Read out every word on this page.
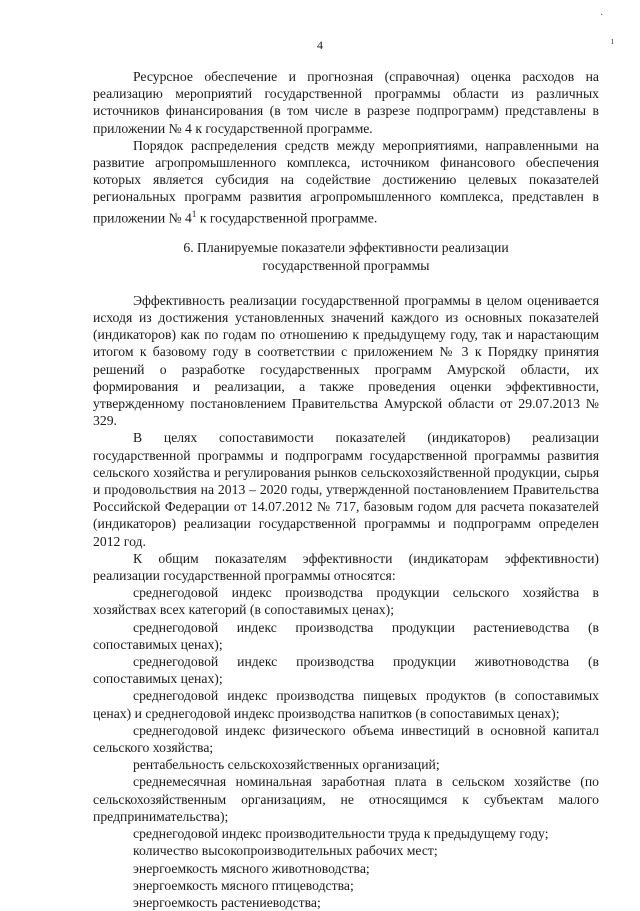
4
·
ı

Ресурсное обеспечение и прогнозная (справочная) оценка расходов на реализацию мероприятий государственной программы области из различных источников финансирования (в том числе в разрезе подпрограмм) представлены в приложении № 4 к государственной программе.

Порядок распределения средств между мероприятиями, направленными на развитие агропромышленного комплекса, источником финансового обеспечения которых является субсидия на содействие достижению целевых показателей региональных программ развития агропромышленного комплекса, представлен в приложении № $4^1$ к государственной программе.

6. Планируемые показатели эффективности реализации
государственной программы

Эффективность реализации государственной программы в целом оценивается исходя из достижения установленных значений каждого из основных показателей (индикаторов) как по годам по отношению к предыдущему году, так и нарастающим итогом к базовому году в соответствии с приложением № 3 к Порядку принятия решений о разработке государственных программ Амурской области, их формирования и реализации, а также проведения оценки эффективности, утвержденному постановлением Правительства Амурской области от 29.07.2013 № 329.

В целях сопоставимости показателей (индикаторов) реализации государственной программы и подпрограмм государственной программы развития сельского хозяйства и регулирования рынков сельскохозяйственной продукции, сырья и продовольствия на 2013 – 2020 годы, утвержденной постановлением Правительства Российской Федерации от 14.07.2012 № 717, базовым годом для расчета показателей (индикаторов) реализации государственной программы и подпрограмм определен 2012 год.

К общим показателям эффективности (индикаторам эффективности) реализации государственной программы относятся:

среднегодовой индекс производства продукции сельского хозяйства в хозяйствах всех категорий (в сопоставимых ценах);

среднегодовой индекс производства продукции растениеводства (в сопоставимых ценах);

среднегодовой индекс производства продукции животноводства (в сопоставимых ценах);

среднегодовой индекс производства пищевых продуктов (в сопоставимых ценах) и среднегодовой индекс производства напитков (в сопоставимых ценах);

среднегодовой индекс физического объема инвестиций в основной капитал сельского хозяйства;

рентабельность сельскохозяйственных организаций;

среднемесячная номинальная заработная плата в сельском хозяйстве (по сельскохозяйственным организациям, не относящимся к субъектам малого предпринимательства);

среднегодовой индекс производительности труда к предыдущему году;

количество высокопроизводительных рабочих мест;

энергоемкость мясного животноводства;

энергоемкость мясного птицеводства;

энергоемкость растениеводства;
